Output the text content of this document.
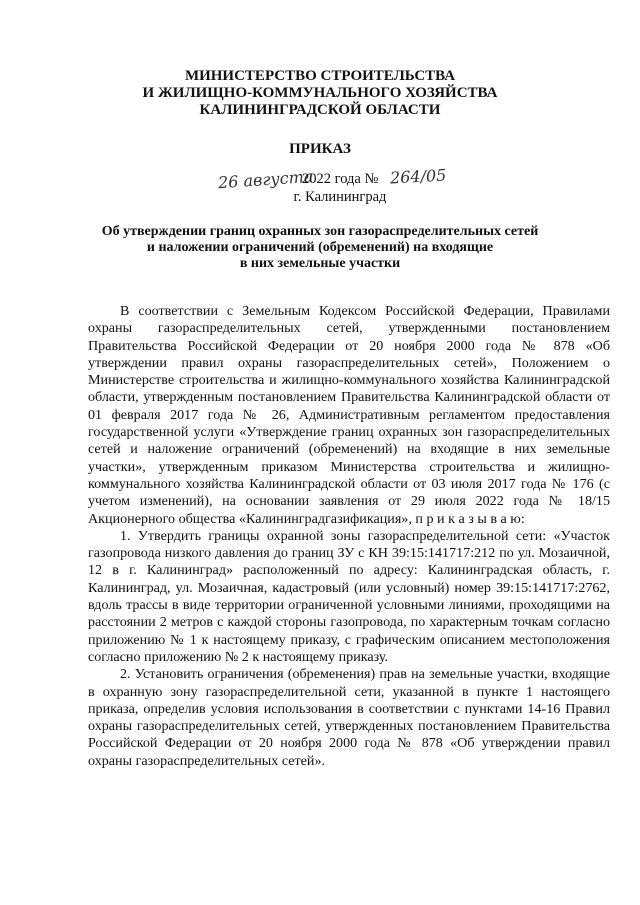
МИНИСТЕРСТВО СТРОИТЕЛЬСТВА
И ЖИЛИЩНО-КОММУНАЛЬНОГО ХОЗЯЙСТВА
КАЛИНИНГРАДСКОЙ ОБЛАСТИ
ПРИКАЗ
26 августа
2022 года № 264/05
г. Калининград
Об утверждении границ охранных зон газораспределительных сетей
и наложении ограничений (обременений) на входящие
в них земельные участки

В соответствии с Земельным Кодексом Российской Федерации, Правилами охраны газораспределительных сетей, утвержденными постановлением Правительства Российской Федерации от 20 ноября 2000 года № 878 «Об утверждении правил охраны газораспределительных сетей», Положением о Министерстве строительства и жилищно-коммунального хозяйства Калининградской области, утвержденным постановлением Правительства Калининградской области от 01 февраля 2017 года № 26, Административным регламентом предоставления государственной услуги «Утверждение границ охранных зон газораспределительных сетей и наложение ограничений (обременений) на входящие в них земельные участки», утвержденным приказом Министерства строительства и жилищно-коммунального хозяйства Калининградской области от 03 июля 2017 года № 176 (с учетом изменений), на основании заявления от 29 июля 2022 года № 18/15 Акционерного общества «Калининградгазификация», п р и к а з ы в а ю:

1. Утвердить границы охранной зоны газораспределительной сети: «Участок газопровода низкого давления до границ ЗУ с КН 39:15:141717:212 по ул. Мозаичной, 12 в г. Калининград» расположенный по адресу: Калининградская область, г. Калининград, ул. Мозаичная, кадастровый (или условный) номер 39:15:141717:2762, вдоль трассы в виде территории ограниченной условными линиями, проходящими на расстоянии 2 метров с каждой стороны газопровода, по характерным точкам согласно приложению № 1 к настоящему приказу, с графическим описанием местоположения согласно приложению № 2 к настоящему приказу.

2. Установить ограничения (обременения) прав на земельные участки, входящие в охранную зону газораспределительной сети, указанной в пункте 1 настоящего приказа, определив условия использования в соответствии с пунктами 14-16 Правил охраны газораспределительных сетей, утвержденных постановлением Правительства Российской Федерации от 20 ноября 2000 года № 878 «Об утверждении правил охраны газораспределительных сетей».
